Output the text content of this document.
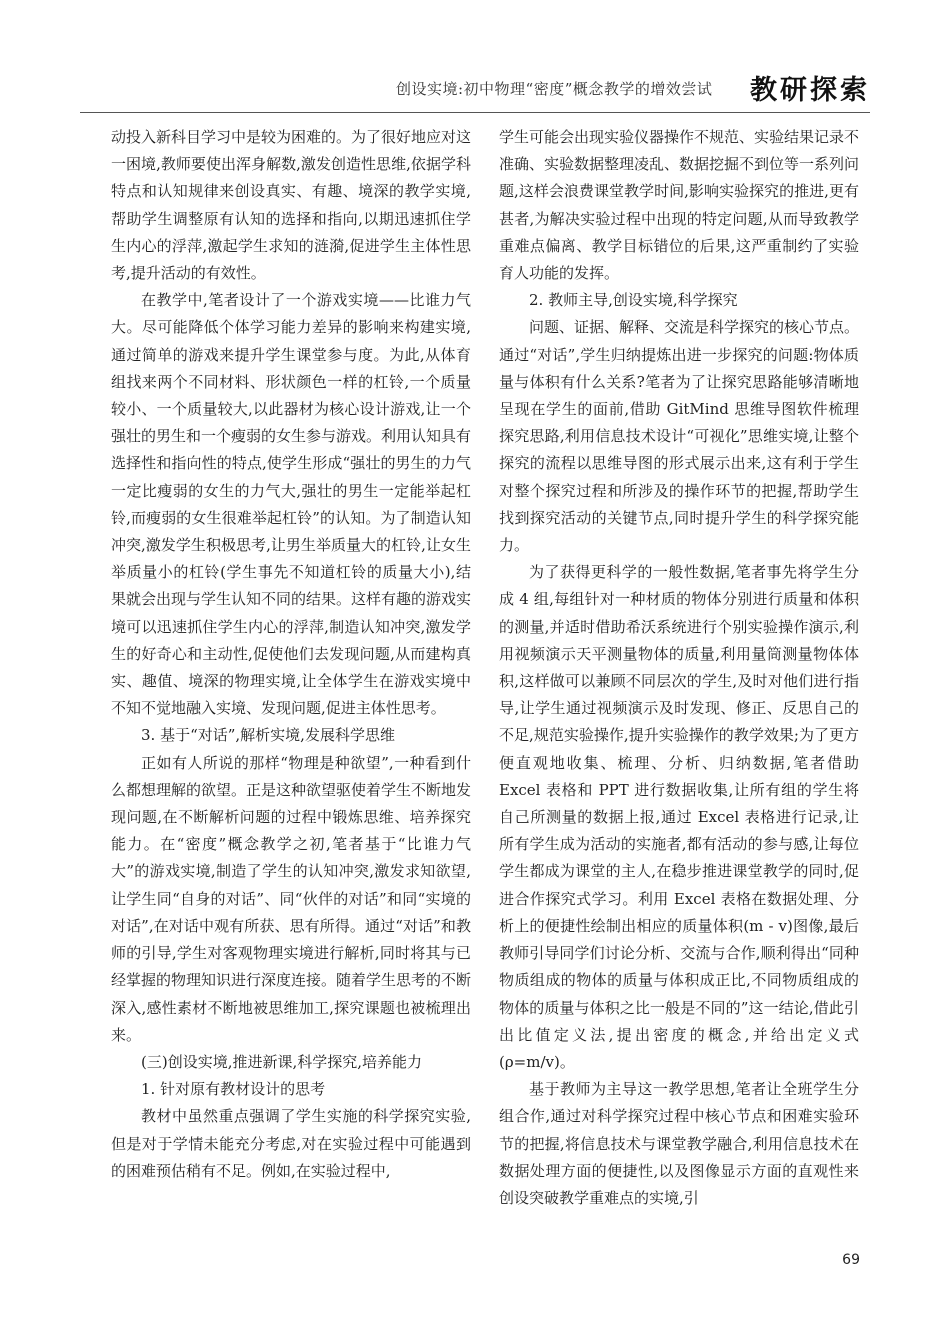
创设实境:初中物理“密度”概念教学的增效尝试 教研探索

动投入新科目学习中是较为困难的。为了很好地应对这一困境,教师要使出浑身解数,激发创造性思维,依据学科特点和认知规律来创设真实、有趣、境深的教学实境,帮助学生调整原有认知的选择和指向,以期迅速抓住学生内心的浮萍,激起学生求知的涟漪,促进学生主体性思考,提升活动的有效性。

在教学中,笔者设计了一个游戏实境——比谁力气大。尽可能降低个体学习能力差异的影响来构建实境,通过简单的游戏来提升学生课堂参与度。为此,从体育组找来两个不同材料、形状颜色一样的杠铃,一个质量较小、一个质量较大,以此器材为核心设计游戏,让一个强壮的男生和一个瘦弱的女生参与游戏。利用认知具有选择性和指向性的特点,使学生形成“强壮的男生的力气一定比瘦弱的女生的力气大,强壮的男生一定能举起杠铃,而瘦弱的女生很难举起杠铃”的认知。为了制造认知冲突,激发学生积极思考,让男生举质量大的杠铃,让女生举质量小的杠铃(学生事先不知道杠铃的质量大小),结果就会出现与学生认知不同的结果。这样有趣的游戏实境可以迅速抓住学生内心的浮萍,制造认知冲突,激发学生的好奇心和主动性,促使他们去发现问题,从而建构真实、趣值、境深的物理实境,让全体学生在游戏实境中不知不觉地融入实境、发现问题,促进主体性思考。

3. 基于“对话”,解析实境,发展科学思维

正如有人所说的那样“物理是种欲望”,一种看到什么都想理解的欲望。正是这种欲望驱使着学生不断地发现问题,在不断解析问题的过程中锻炼思维、培养探究能力。在“密度”概念教学之初,笔者基于“比谁力气大”的游戏实境,制造了学生的认知冲突,激发求知欲望,让学生同“自身的对话”、同“伙伴的对话”和同“实境的对话”,在对话中观有所获、思有所得。通过“对话”和教师的引导,学生对客观物理实境进行解析,同时将其与已经掌握的物理知识进行深度连接。随着学生思考的不断深入,感性素材不断地被思维加工,探究课题也被梳理出来。

(三)创设实境,推进新课,科学探究,培养能力

1. 针对原有教材设计的思考

教材中虽然重点强调了学生实施的科学探究实验,但是对于学情未能充分考虑,对在实验过程中可能遇到的困难预估稍有不足。例如,在实验过程中,

学生可能会出现实验仪器操作不规范、实验结果记录不准确、实验数据整理凌乱、数据挖掘不到位等一系列问题,这样会浪费课堂教学时间,影响实验探究的推进,更有甚者,为解决实验过程中出现的特定问题,从而导致教学重难点偏离、教学目标错位的后果,这严重制约了实验育人功能的发挥。

2. 教师主导,创设实境,科学探究

问题、证据、解释、交流是科学探究的核心节点。通过“对话”,学生归纳提炼出进一步探究的问题:物体质量与体积有什么关系?笔者为了让探究思路能够清晰地呈现在学生的面前,借助 GitMind 思维导图软件梳理探究思路,利用信息技术设计“可视化”思维实境,让整个探究的流程以思维导图的形式展示出来,这有利于学生对整个探究过程和所涉及的操作环节的把握,帮助学生找到探究活动的关键节点,同时提升学生的科学探究能力。

为了获得更科学的一般性数据,笔者事先将学生分成 4 组,每组针对一种材质的物体分别进行质量和体积的测量,并适时借助希沃系统进行个别实验操作演示,利用视频演示天平测量物体的质量,利用量筒测量物体体积,这样做可以兼顾不同层次的学生,及时对他们进行指导,让学生通过视频演示及时发现、修正、反思自己的不足,规范实验操作,提升实验操作的教学效果;为了更方便直观地收集、梳理、分析、归纳数据,笔者借助 Excel 表格和 PPT 进行数据收集,让所有组的学生将自己所测量的数据上报,通过 Excel 表格进行记录,让所有学生成为活动的实施者,都有活动的参与感,让每位学生都成为课堂的主人,在稳步推进课堂教学的同时,促进合作探究式学习。利用 Excel 表格在数据处理、分析上的便捷性绘制出相应的质量体积(m - v)图像,最后教师引导同学们讨论分析、交流与合作,顺利得出“同种物质组成的物体的质量与体积成正比,不同物质组成的物体的质量与体积之比一般是不同的”这一结论,借此引出比值定义法,提出密度的概念,并给出定义式(ρ=m/v)。

基于教师为主导这一教学思想,笔者让全班学生分组合作,通过对科学探究过程中核心节点和困难实验环节的把握,将信息技术与课堂教学融合,利用信息技术在数据处理方面的便捷性,以及图像显示方面的直观性来创设突破教学重难点的实境,引

69
